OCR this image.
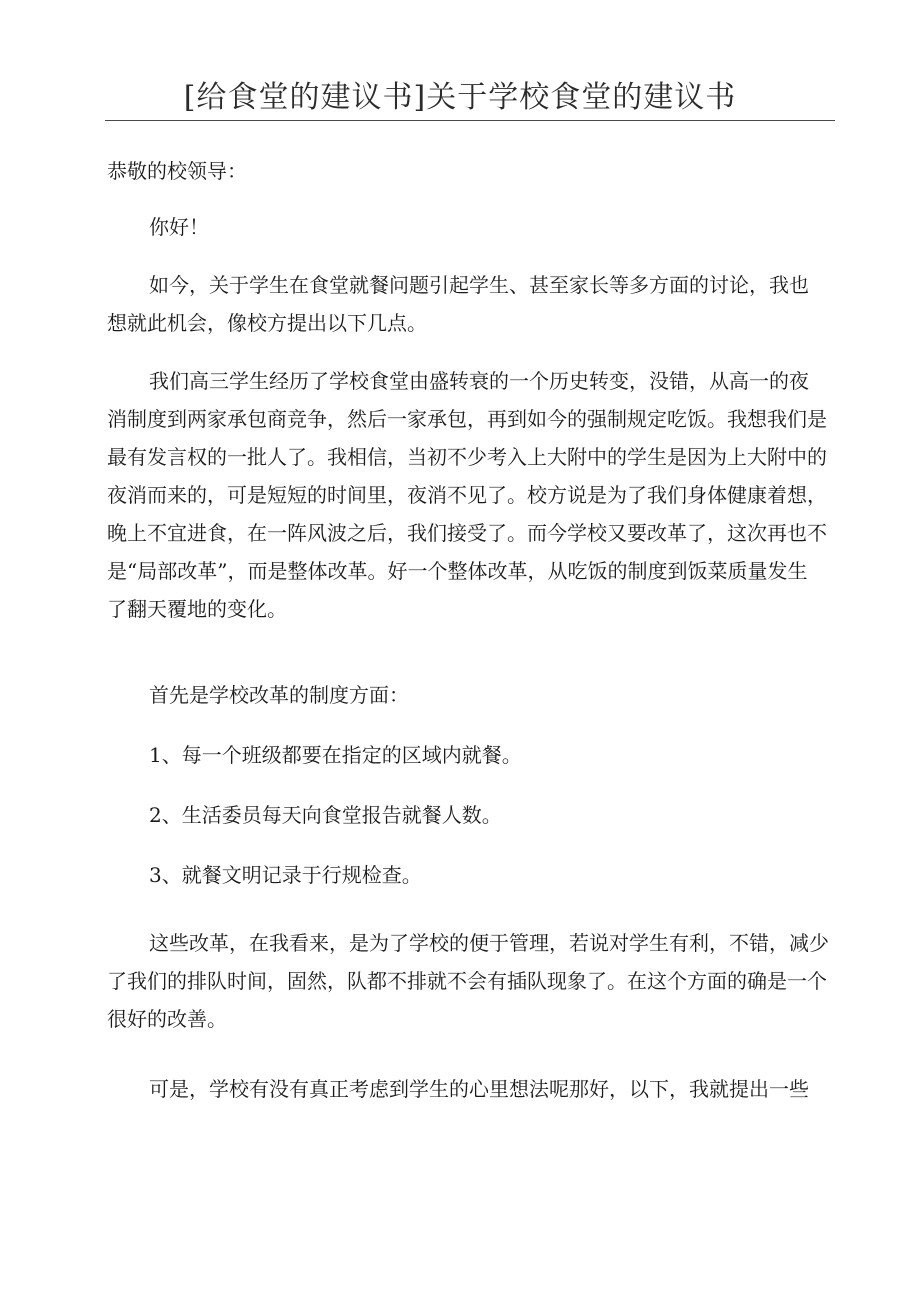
[给食堂的建议书]关于学校食堂的建议书

恭敬的校领导：

你好！

如今，关于学生在食堂就餐问题引起学生、甚至家长等多方面的讨论，我也
想就此机会，像校方提出以下几点。
我们高三学生经历了学校食堂由盛转衰的一个历史转变，没错，从高一的夜
消制度到两家承包商竞争，然后一家承包，再到如今的强制规定吃饭。我想我们是
最有发言权的一批人了。我相信，当初不少考入上大附中的学生是因为上大附中的
夜消而来的，可是短短的时间里，夜消不见了。校方说是为了我们身体健康着想，
晚上不宜进食，在一阵风波之后，我们接受了。而今学校又要改革了，这次再也不
是“局部改革”，而是整体改革。好一个整体改革，从吃饭的制度到饭菜质量发生
了翻天覆地的变化。

首先是学校改革的制度方面：

1、每一个班级都要在指定的区域内就餐。

2、生活委员每天向食堂报告就餐人数。

3、就餐文明记录于行规检查。

这些改革，在我看来，是为了学校的便于管理，若说对学生有利，不错，减少
了我们的排队时间，固然，队都不排就不会有插队现象了。在这个方面的确是一个
很好的改善。

可是，学校有没有真正考虑到学生的心里想法呢那好，以下，我就提出一些
